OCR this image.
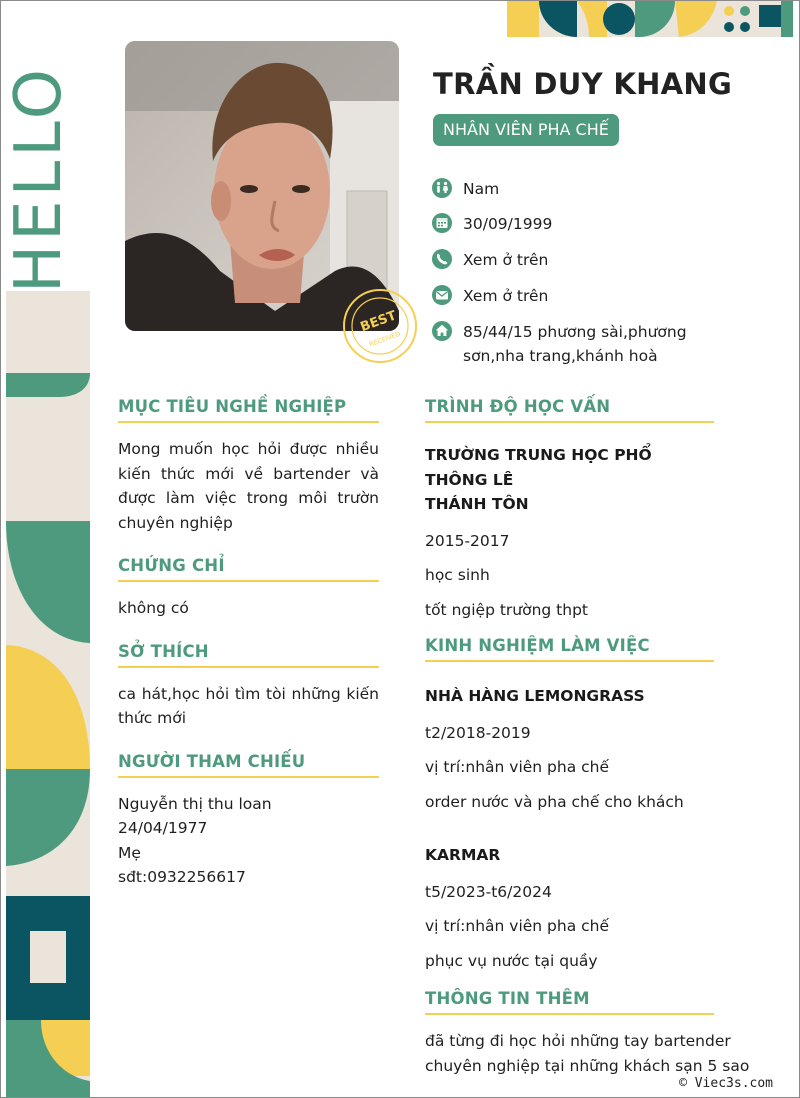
HELLO
BEST
RECEIVED
TRẦN DUY KHANG
NHÂN VIÊN PHA CHẾ
Nam
30/09/1999
Xem ở trên
Xem ở trên
85/44/15 phương sài,phương
sơn,nha trang,khánh hoà
MỤC TIÊU NGHỀ NGHIỆP
Mong muốn học hỏi được nhiều
kiến thức mới về bartender và
được làm việc trong môi trườn
chuyên nghiệp
CHỨNG CHỈ
không có
SỞ THÍCH
ca hát,học hỏi tìm tòi những kiến
thức mới
NGƯỜI THAM CHIẾU
Nguyễn thị thu loan
24/04/1977
Mẹ
sđt:0932256617
TRÌNH ĐỘ HỌC VẤN
TRƯỜNG TRUNG HỌC PHỔ THÔNG LÊ
THÁNH TÔN
2015-2017
học sinh
tốt ngiệp trường thpt
KINH NGHIỆM LÀM VIỆC
NHÀ HÀNG LEMONGRASS
t2/2018-2019
vị trí:nhân viên pha chế
order nước và pha chế cho khách
KARMAR
t5/2023-t6/2024
vị trí:nhân viên pha chế
phục vụ nước tại quầy
THÔNG TIN THÊM
đã từng đi học hỏi những tay bartender
chuyên nghiệp tại những khách sạn 5 sao
© Viec3s.com
